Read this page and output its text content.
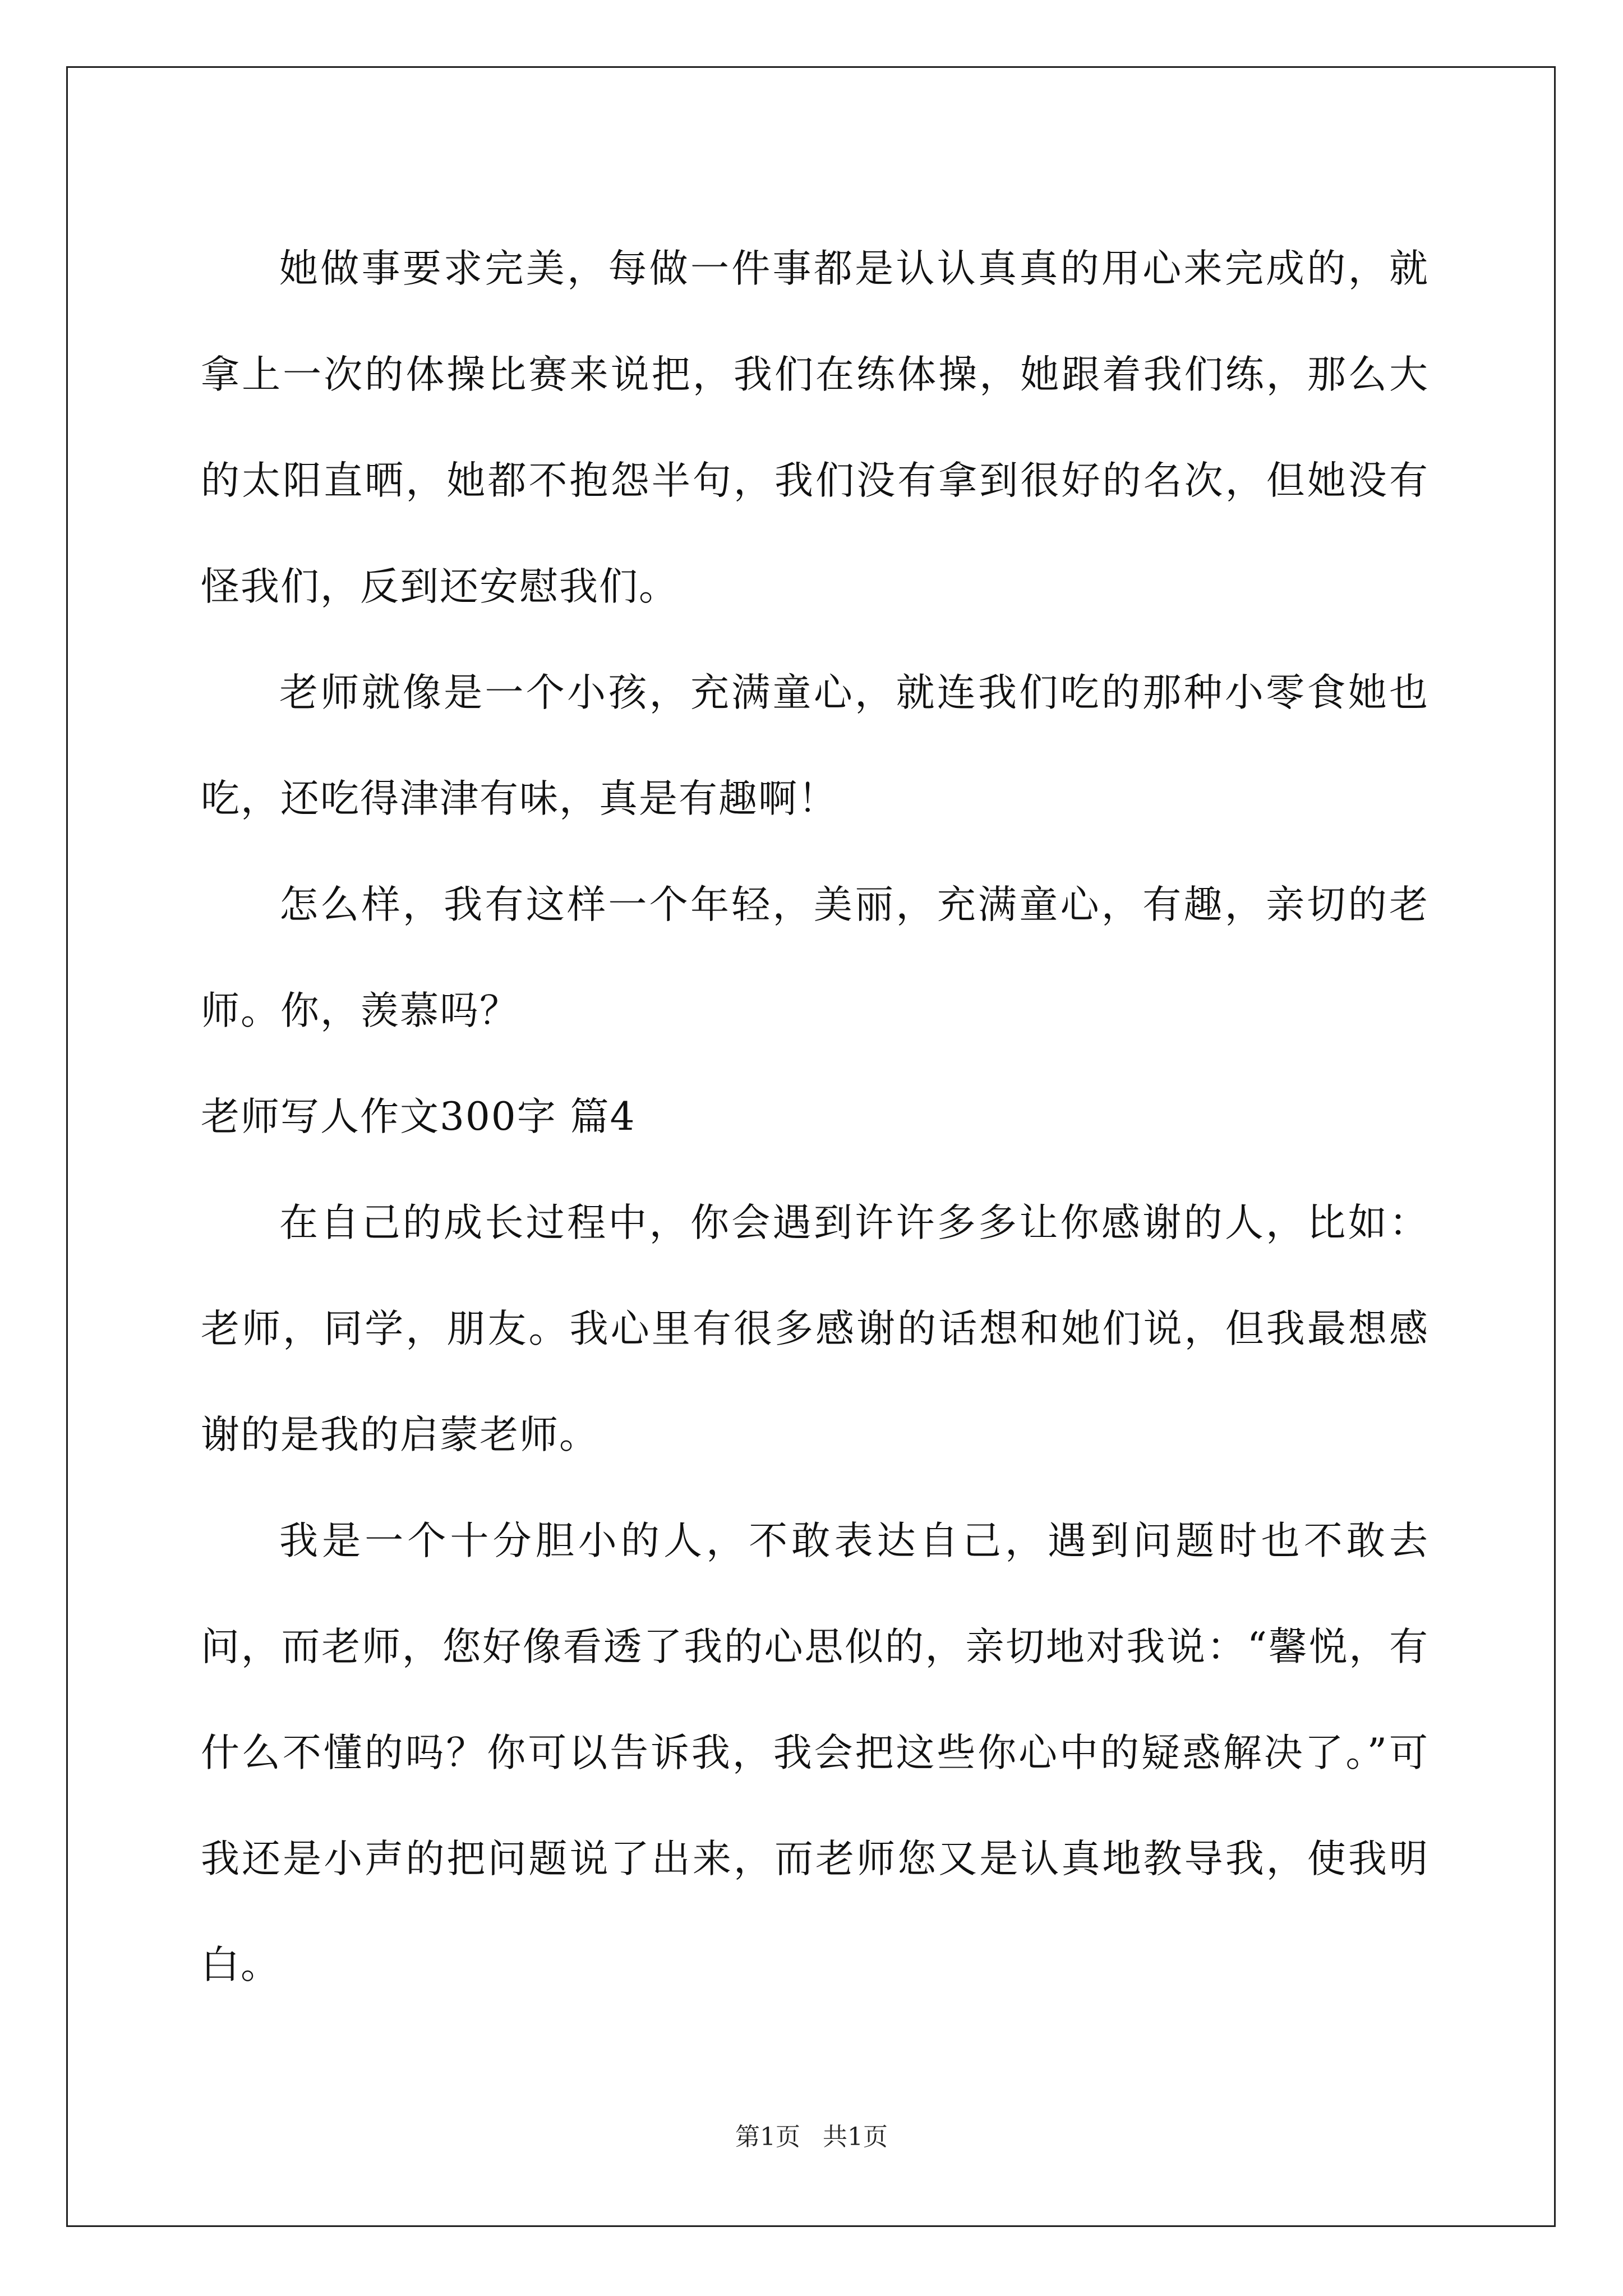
她做事要求完美，每做一件事都是认认真真的用心来完成的，就拿上一次的体操比赛来说把，我们在练体操，她跟着我们练，那么大的太阳直晒，她都不抱怨半句，我们没有拿到很好的名次，但她没有怪我们，反到还安慰我们。

老师就像是一个小孩，充满童心，就连我们吃的那种小零食她也吃，还吃得津津有味，真是有趣啊！

怎么样，我有这样一个年轻，美丽，充满童心，有趣，亲切的老师。你，羡慕吗？

老师写人作文300字 篇4

在自己的成长过程中，你会遇到许许多多让你感谢的人，比如：老师，同学，朋友。我心里有很多感谢的话想和她们说，但我最想感谢的是我的启蒙老师。

我是一个十分胆小的人，不敢表达自己，遇到问题时也不敢去问，而老师，您好像看透了我的心思似的，亲切地对我说：“馨悦，有什么不懂的吗？你可以告诉我，我会把这些你心中的疑惑解决了。”可我还是小声的把问题说了出来，而老师您又是认真地教导我，使我明白。

第1页 共1页
